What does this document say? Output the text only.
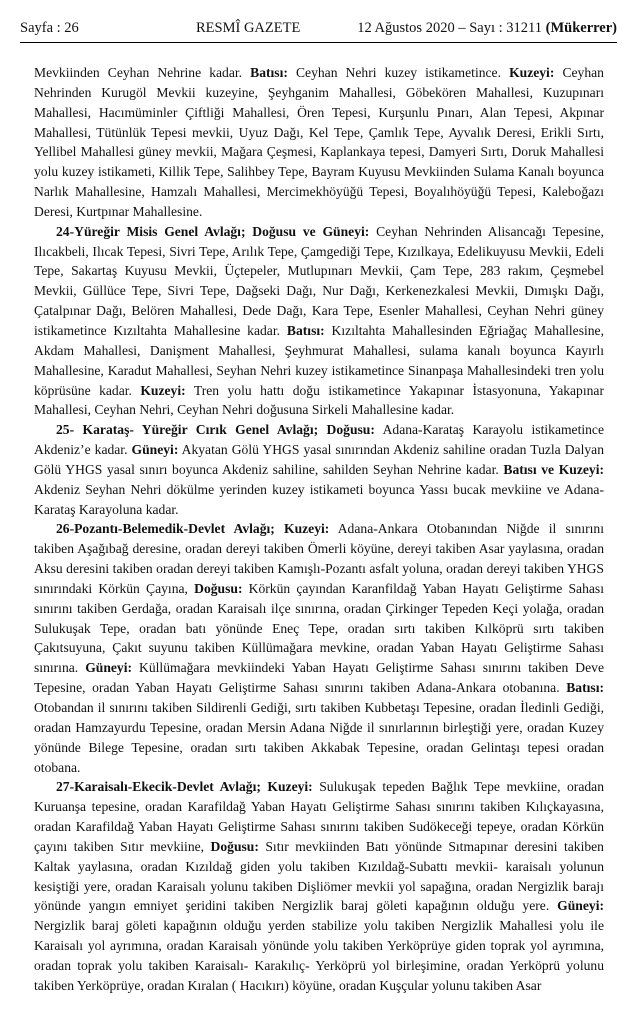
Sayfa : 26	RESMÎ GAZETE	12 Ağustos 2020 – Sayı : 31211 (Mükerrer)

Mevkiinden Ceyhan Nehrine kadar. Batısı: Ceyhan Nehri kuzey istikametince. Kuzeyi: Ceyhan Nehrinden Kurugöl Mevkii kuzeyine, Şeyhganim Mahallesi, Göbekören Mahallesi, Kuzupınarı Mahallesi, Hacımüminler Çiftliği Mahallesi, Ören Tepesi, Kurşunlu Pınarı, Alan Tepesi, Akpınar Mahallesi, Tütünlük Tepesi mevkii, Uyuz Dağı, Kel Tepe, Çamlık Tepe, Ayvalık Deresi, Erikli Sırtı, Yellibel Mahallesi güney mevkii, Mağara Çeşmesi, Kaplankaya tepesi, Damyeri Sırtı, Doruk Mahallesi yolu kuzey istikameti, Killik Tepe, Salihbey Tepe, Bayram Kuyusu Mevkiinden Sulama Kanalı boyunca Narlık Mahallesine, Hamzalı Mahallesi, Mercimekhöyüğü Tepesi, Boyalıhöyüğü Tepesi, Kaleboğazı Deresi, Kurtpınar Mahallesine.

24-Yüreğir Misis Genel Avlağı; Doğusu ve Güneyi: Ceyhan Nehrinden Alisancağı Tepesine, Ilıcakbeli, Ilıcak Tepesi, Sivri Tepe, Arılık Tepe, Çamgediği Tepe, Kızılkaya, Edelikuyusu Mevkii, Edeli Tepe, Sakartaş Kuyusu Mevkii, Üçtepeler, Mutlupınarı Mevkii, Çam Tepe, 283 rakım, Çeşmebel Mevkii, Güllüce Tepe, Sivri Tepe, Dağseki Dağı, Nur Dağı, Kerkenezkalesi Mevkii, Dımışkı Dağı, Çatalpınar Dağı, Belören Mahallesi, Dede Dağı, Kara Tepe, Esenler Mahallesi, Ceyhan Nehri güney istikametince Kızıltahta Mahallesine kadar. Batısı: Kızıltahta Mahallesinden Eğriağaç Mahallesine, Akdam Mahallesi, Danişment Mahallesi, Şeyhmurat Mahallesi, sulama kanalı boyunca Kayırlı Mahallesine, Karadut Mahallesi, Seyhan Nehri kuzey istikametince Sinanpaşa Mahallesindeki tren yolu köprüsüne kadar. Kuzeyi: Tren yolu hattı doğu istikametince Yakapınar İstasyonuna, Yakapınar Mahallesi, Ceyhan Nehri, Ceyhan Nehri doğusuna Sirkeli Mahallesine kadar.

25- Karataş- Yüreğir Cırık Genel Avlağı; Doğusu: Adana-Karataş Karayolu istikametince Akdeniz’e kadar. Güneyi: Akyatan Gölü YHGS yasal sınırından Akdeniz sahiline oradan Tuzla Dalyan Gölü YHGS yasal sınırı boyunca Akdeniz sahiline, sahilden Seyhan Nehrine kadar. Batısı ve Kuzeyi: Akdeniz Seyhan Nehri dökülme yerinden kuzey istikameti boyunca Yassı bucak mevkiine ve Adana-Karataş Karayoluna kadar.

26-Pozantı-Belemedik-Devlet Avlağı; Kuzeyi: Adana-Ankara Otobanından Niğde il sınırını takiben Aşağıbağ deresine, oradan dereyi takiben Ömerli köyüne, dereyi takiben Asar yaylasına, oradan Aksu deresini takiben oradan dereyi takiben Kamışlı-Pozantı asfalt yoluna, oradan dereyi takiben YHGS sınırındaki Körkün Çayına, Doğusu: Körkün çayından Karanfildağ Yaban Hayatı Geliştirme Sahası sınırını takiben Gerdağa, oradan Karaisalı ilçe sınırına, oradan Çirkinger Tepeden Keçi yolağa, oradan Sulukuşak Tepe, oradan batı yönünde Eneç Tepe, oradan sırtı takiben Kılköprü sırtı takiben Çakıtsuyuna, Çakıt suyunu takiben Küllümağara mevkine, oradan Yaban Hayatı Geliştirme Sahası sınırına. Güneyi: Küllümağara mevkiindeki Yaban Hayatı Geliştirme Sahası sınırını takiben Deve Tepesine, oradan Yaban Hayatı Geliştirme Sahası sınırını takiben Adana-Ankara otobanına. Batısı: Otobandan il sınırını takiben Sildirenli Gediği, sırtı takiben Kubbetaşı Tepesine, oradan İledinli Gediği, oradan Hamzayurdu Tepesine, oradan Mersin Adana Niğde il sınırlarının birleştiği yere, oradan Kuzey yönünde Bilege Tepesine, oradan sırtı takiben Akkabak Tepesine, oradan Gelintaşı tepesi oradan otobana.

27-Karaisalı-Ekecik-Devlet Avlağı; Kuzeyi: Sulukuşak tepeden Bağlık Tepe mevkiine, oradan Kuruanşa tepesine, oradan Karafildağ Yaban Hayatı Geliştirme Sahası sınırını takiben Kılıçkayasına, oradan Karafildağ Yaban Hayatı Geliştirme Sahası sınırını takiben Sudökeceği tepeye, oradan Körkün çayını takiben Sıtır mevkiine, Doğusu: Sıtır mevkiinden Batı yönünde Sıtmapınar deresini takiben Kaltak yaylasına, oradan Kızıldağ giden yolu takiben Kızıldağ-Subattı mevkii- karaisalı yolunun kesiştiği yere, oradan Karaisalı yolunu takiben Dişliömer mevkii yol sapağına, oradan Nergizlik barajı yönünde yangın emniyet şeridini takiben Nergizlik baraj göleti kapağının olduğu yere. Güneyi: Nergizlik baraj göleti kapağının olduğu yerden stabilize yolu takiben Nergizlik Mahallesi yolu ile Karaisalı yol ayrımına, oradan Karaisalı yönünde yolu takiben Yerköprüye giden toprak yol ayrımına, oradan toprak yolu takiben Karaisalı- Karakılıç- Yerköprü yol birleşimine, oradan Yerköprü yolunu takiben Yerköprüye, oradan Kıralan ( Hacıkırı) köyüne, oradan Kuşçular yolunu takiben Asar
